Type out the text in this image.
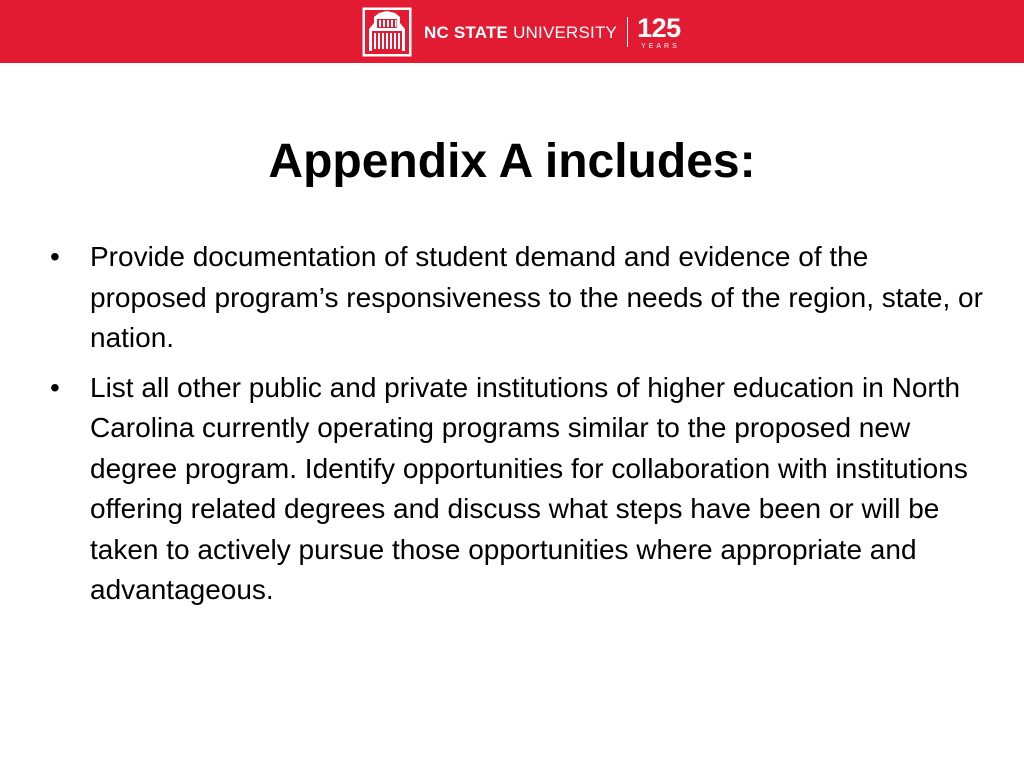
NC STATE UNIVERSITY 125
YEARS
Appendix A includes:
•	Provide documentation of student demand and evidence of the proposed program’s responsiveness to the needs of the region, state, or nation.
•	List all other public and private institutions of higher education in North Carolina currently operating programs similar to the proposed new degree program. Identify opportunities for collaboration with institutions offering related degrees and discuss what steps have been or will be taken to actively pursue those opportunities where appropriate and advantageous.
